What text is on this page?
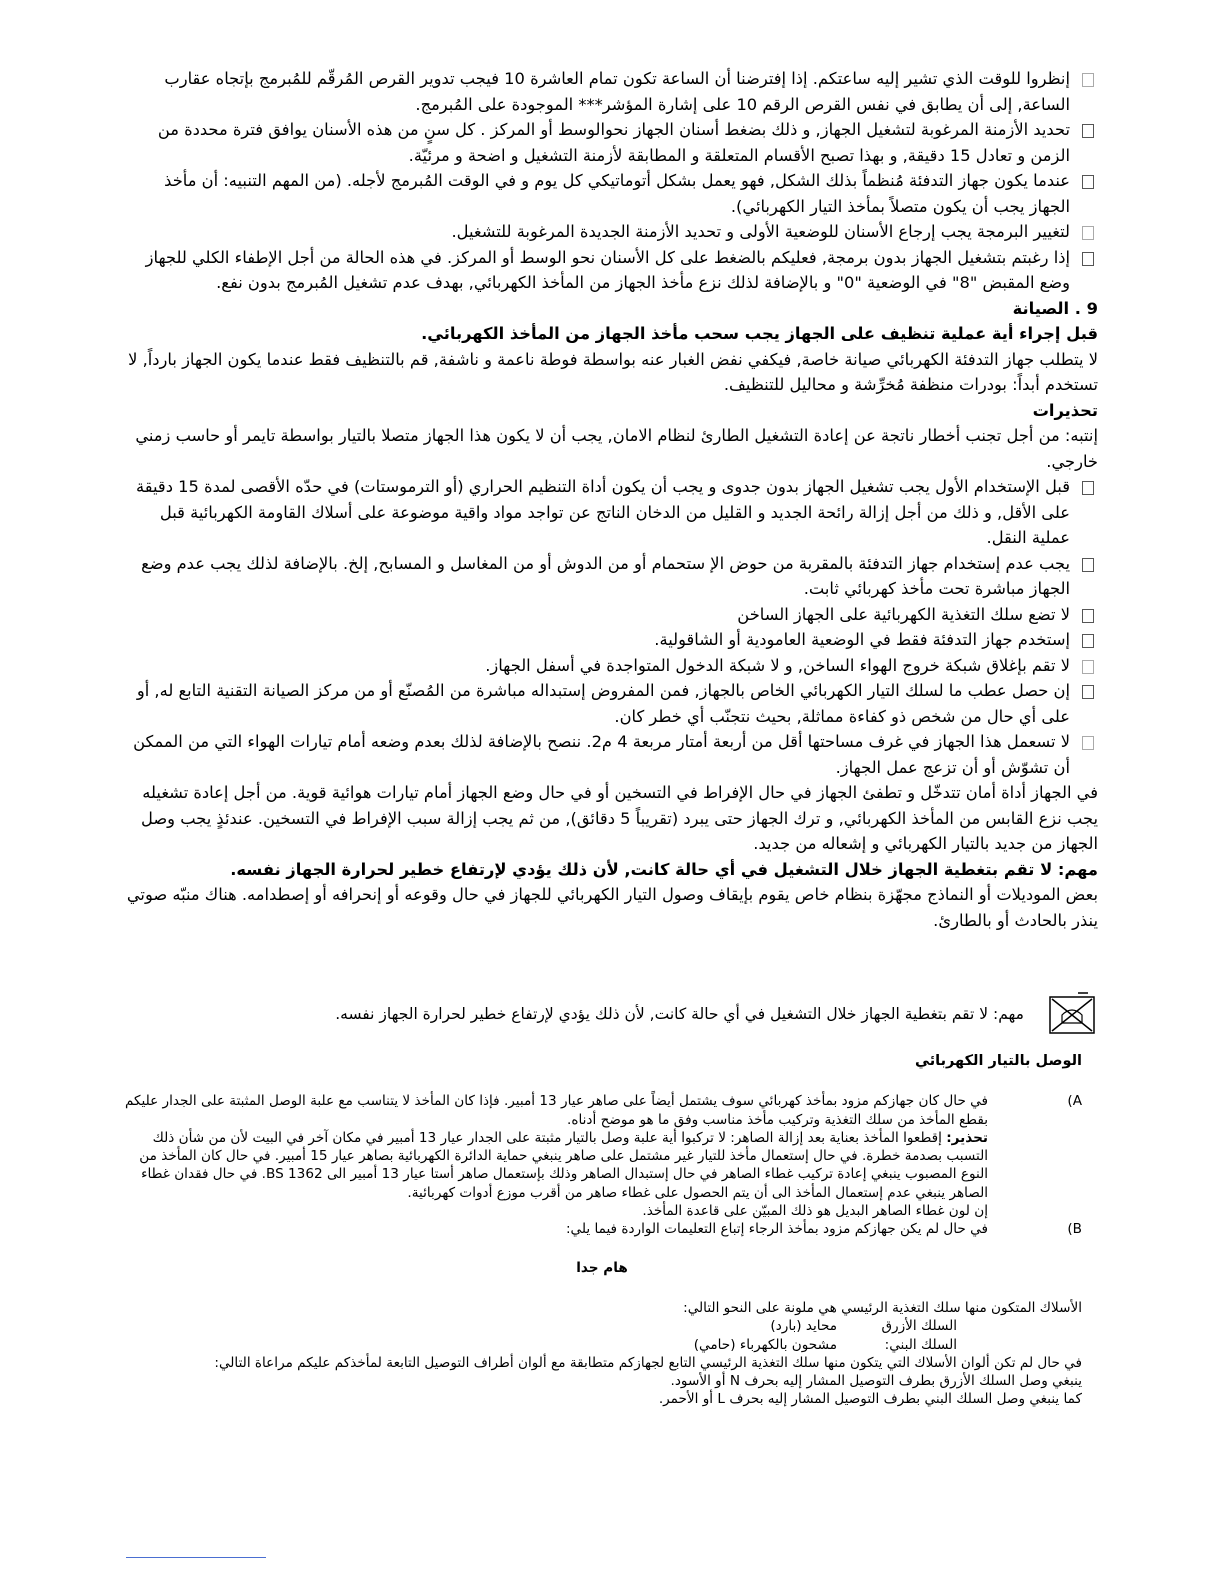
إنظروا للوقت الذي تشير إليه ساعتكم. إذا إفترضنا أن الساعة تكون تمام العاشرة 10 فيجب تدوير القرص المُرقّم للمُبرمج بإتجاه عقارب الساعة, إلى أن يطابق في نفس القرص الرقم 10 على إشارة المؤشر*** الموجودة على المُبرمج.
تحديد الأزمنة المرغوبة لتشغيل الجهاز, و ذلك بضغط أسنان الجهاز نحوالوسط أو المركز . كل سنٍ من هذه الأسنان يوافق فترة محددة من الزمن و تعادل 15 دقيقة, و بهذا تصبح الأقسام المتعلقة و المطابقة لأزمنة التشغيل و اضحة و مرئيّة.
عندما يكون جهاز التدفئة مُنظماً بذلك الشكل, فهو يعمل بشكل أتوماتيكي كل يوم و في الوقت المُبرمج لأجله. (من المهم التنبيه: أن مأخذ الجهاز يجب أن يكون متصلاً بمأخذ التيار الكهربائي).
لتغيير البرمجة يجب إرجاع الأسنان للوضعية الأولى و تحديد الأزمنة الجديدة المرغوبة للتشغيل.
إذا رغبتم بتشغيل الجهاز بدون برمجة, فعليكم بالضغط على كل الأسنان نحو الوسط أو المركز. في هذه الحالة من أجل الإطفاء الكلي للجهاز وضع المقبض "8" في الوضعية "0" و بالإضافة لذلك نزع مأخذ الجهاز من المأخذ الكهربائي, بهدف عدم تشغيل المُبرمج بدون نفع.
9 . الصيانة
قبل إجراء أية عملية تنظيف على الجهاز يجب سحب مأخذ الجهاز من المأخذ الكهربائي.
لا يتطلب جهاز التدفئة الكهربائي صيانة خاصة, فيكفي نفض الغبار عنه بواسطة فوطة ناعمة و ناشفة, قم بالتنظيف فقط عندما يكون الجهاز بارداً, لا تستخدم أبداً: بودرات منظفة مُخرِّشة و محاليل للتنظيف.
تحذيرات
إنتبه: من أجل تجنب أخطار ناتجة عن إعادة التشغيل الطارئ لنظام الامان, يجب أن لا يكون هذا الجهاز متصلا بالتيار بواسطة تايمر أو حاسب زمني خارجي.
قبل الإستخدام الأول يجب تشغيل الجهاز بدون جدوى و يجب أن يكون أداة التنظيم الحراري (أو الترموستات) في حدّه الأقصى لمدة 15 دقيقة على الأقل, و ذلك من أجل إزالة رائحة الجديد و القليل من الدخان الناتج عن تواجد مواد واقية موضوعة على أسلاك القاومة الكهربائية قبل عملية النقل.
يجب عدم إستخدام جهاز التدفئة بالمقربة من حوض الإ ستحمام أو من الدوش أو من المغاسل و المسابح, إلخ. بالإضافة لذلك يجب عدم وضع الجهاز مباشرة تحت مأخذ كهربائي ثابت.
لا تضع سلك التغذية الكهربائية على الجهاز الساخن
إستخدم جهاز التدفئة فقط في الوضعية العامودية أو الشاقولية.
لا تقم بإغلاق شبكة خروج الهواء الساخن, و لا شبكة الدخول المتواجدة في أسفل الجهاز.
إن حصل عطب ما لسلك التيار الكهربائي الخاص بالجهاز, فمن المفروض إستبداله مباشرة من المُصنّع أو من مركز الصيانة التقنية التابع له, أو على أي حال من شخص ذو كفاءة مماثلة, بحيث نتجنّب أي خطر كان.
لا تسعمل هذا الجهاز في غرف مساحتها أقل من أربعة أمتار مربعة 4 م2. ننصح بالإضافة لذلك بعدم وضعه أمام تيارات الهواء التي من الممكن أن تشوّش أو أن تزعج عمل الجهاز.
في الجهاز أداة أمان تتدخّل و تطفئ الجهاز في حال الإفراط في التسخين أو في حال وضع الجهاز أمام تيارات هوائية قوية. من أجل إعادة تشغيله يجب نزع القابس من المأخذ الكهربائي, و ترك الجهاز حتى يبرد (تقريباً 5 دقائق), من ثم يجب إزالة سبب الإفراط في التسخين. عندئذٍ يجب وصل الجهاز من جديد بالتيار الكهربائي و إشعاله من جديد.
مهم: لا تقم بتغطية الجهاز خلال التشغيل في أي حالة كانت, لأن ذلك يؤدي لإرتفاع خطير لحرارة الجهاز نفسه.
بعض الموديلات أو النماذج مجهّزة بنظام خاص يقوم بإيقاف وصول التيار الكهربائي للجهاز في حال وقوعه أو إنحرافه أو إصطدامه. هناك منبّه صوتي ينذر بالحادث أو بالطارئ.
مهم: لا تقم بتغطية الجهاز خلال التشغيل في أي حالة كانت, لأن ذلك يؤدي لإرتفاع خطير لحرارة الجهاز نفسه.
الوصل بالتيار الكهربائي
(A
في حال كان جهازكم مزود بمأخذ كهربائي سوف يشتمل أيضاً على صاهر عيار 13 أمبير. فإذا كان المأخذ لا يتناسب مع علبة الوصل المثبتة على الجدار عليكم بقطع المأخذ من سلك التغذية وتركيب مأخذ مناسب وفق ما هو موضح أدناه.
تحذير: إقطعوا المأخذ بعناية بعد إزالة الصاهر: لا تركبوا أية علبة وصل بالتيار مثبتة على الجدار عيار 13 أمبير في مكان آخر في البيت لأن من شأن ذلك التسبب بصدمة خطرة. في حال إستعمال مأخذ للتيار غير مشتمل على صاهر ينبغي حماية الدائرة الكهربائية بصاهر عيار 15 أمبير. في حال كان المأخذ من النوع المصبوب ينبغي إعادة تركيب غطاء الصاهر في حال إستبدال الصاهر وذلك بإستعمال صاهر أستا عيار 13 أمبير الى BS 1362. في حال فقدان غطاء الصاهر ينبغي عدم إستعمال المأخذ الى أن يتم الحصول على غطاء صاهر من أقرب موزع أدوات كهربائية.
إن لون غطاء الصاهر البديل هو ذلك المبيّن على قاعدة المأخذ.
(B
في حال لم يكن جهازكم مزود بمأخذ الرجاء إتباع التعليمات الواردة فيما يلي:
هام جدا
الأسلاك المتكون منها سلك التغذية الرئيسي هي ملونة على النحو التالي:
السلك الأزرق
محايد (بارد)
السلك البني:
مشحون بالكهرباء (حامي)
في حال لم تكن ألوان الأسلاك التي يتكون منها سلك التغذية الرئيسي التابع لجهازكم متطابقة مع ألوان أطراف التوصيل التابعة لمأخذكم عليكم مراعاة التالي:
ينبغي وصل السلك الأزرق بطرف التوصيل المشار إليه بحرف N أو الأسود.
كما ينبغي وصل السلك البني بطرف التوصيل المشار إليه بحرف L أو الأحمر.
